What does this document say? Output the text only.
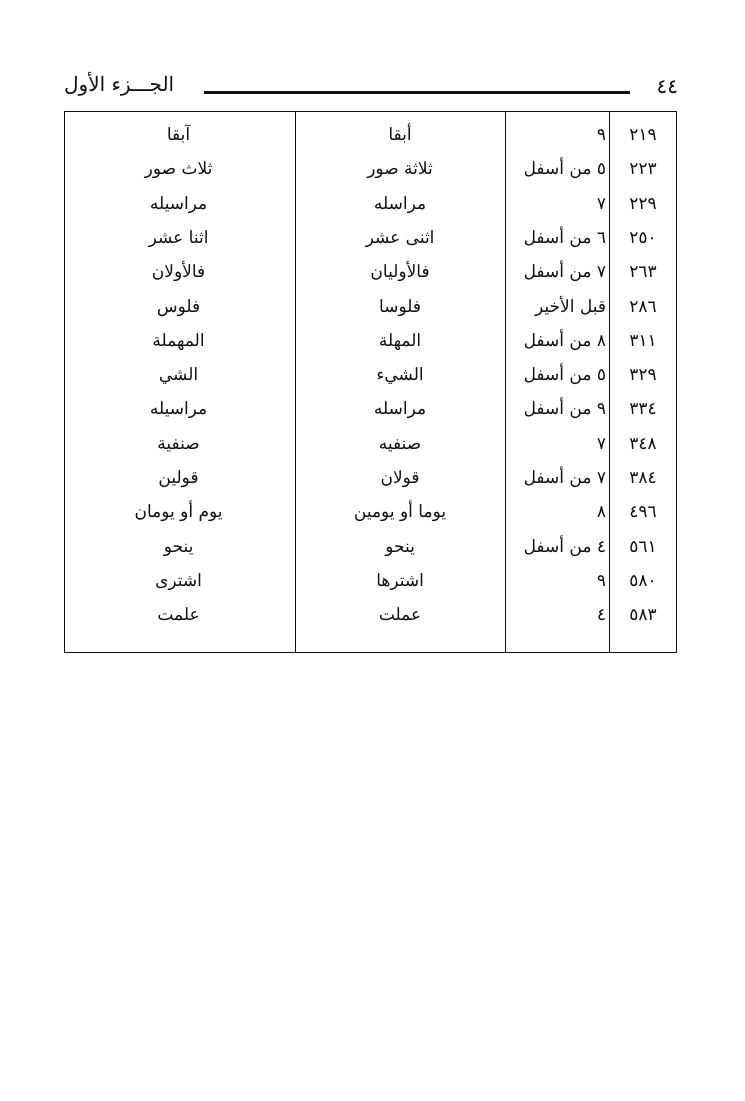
٤٤
الجـــزء الأول
٢١٩
٩
أبقا
آبقا
٢٢٣
٥ من أسفل
ثلاثة صور
ثلاث صور
٢٢٩
٧
مراسله
مراسيله
٢٥٠
٦ من أسفل
اثنى عشر
اثنا عشر
٢٦٣
٧ من أسفل
فالأوليان
فالأولان
٢٨٦
قبل الأخير
فلوسا
فلوس
٣١١
٨ من أسفل
المهلة
المهملة
٣٢٩
٥ من أسفل
الشيء
الشي
٣٣٤
٩ من أسفل
مراسله
مراسيله
٣٤٨
٧
صنفيه
صنفية
٣٨٤
٧ من أسفل
قولان
قولين
٤٩٦
٨
يوما أو يومين
يوم أو يومان
٥٦١
٤ من أسفل
ينحو
ينحو
٥٨٠
٩
اشترها
اشترى
٥٨٣
٤
عملت
علمت
